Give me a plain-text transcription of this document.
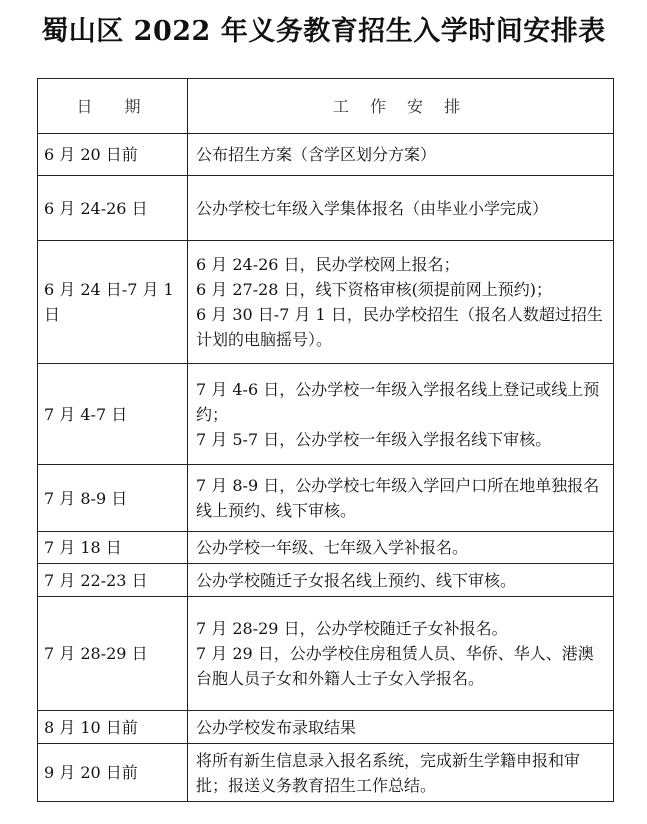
蜀山区 2022 年义务教育招生入学时间安排表
日　期	工 作 安 排
6 月 20 日前	公布招生方案（含学区划分方案）

6 月 24-26 日	公办学校七年级入学集体报名（由毕业小学完成）

6 月 24 日-7 月 1 日	6 月 24-26 日，民办学校网上报名；
6 月 27-28 日，线下资格审核(须提前网上预约)；
6 月 30 日-7 月 1 日，民办学校招生（报名人数超过招生计划的电脑摇号）。

7 月 4-7 日	7 月 4-6 日，公办学校一年级入学报名线上登记或线上预约；
7 月 5-7 日，公办学校一年级入学报名线下审核。

7 月 8-9 日	7 月 8-9 日，公办学校七年级入学回户口所在地单独报名线上预约、线下审核。

7 月 18 日	公办学校一年级、七年级入学补报名。

7 月 22-23 日	公办学校随迁子女报名线上预约、线下审核。

7 月 28-29 日	7 月 28-29 日，公办学校随迁子女补报名。
7 月 29 日，公办学校住房租赁人员、华侨、华人、港澳台胞人员子女和外籍人士子女入学报名。

8 月 10 日前	公办学校发布录取结果

9 月 20 日前	将所有新生信息录入报名系统，完成新生学籍申报和审批；报送义务教育招生工作总结。
